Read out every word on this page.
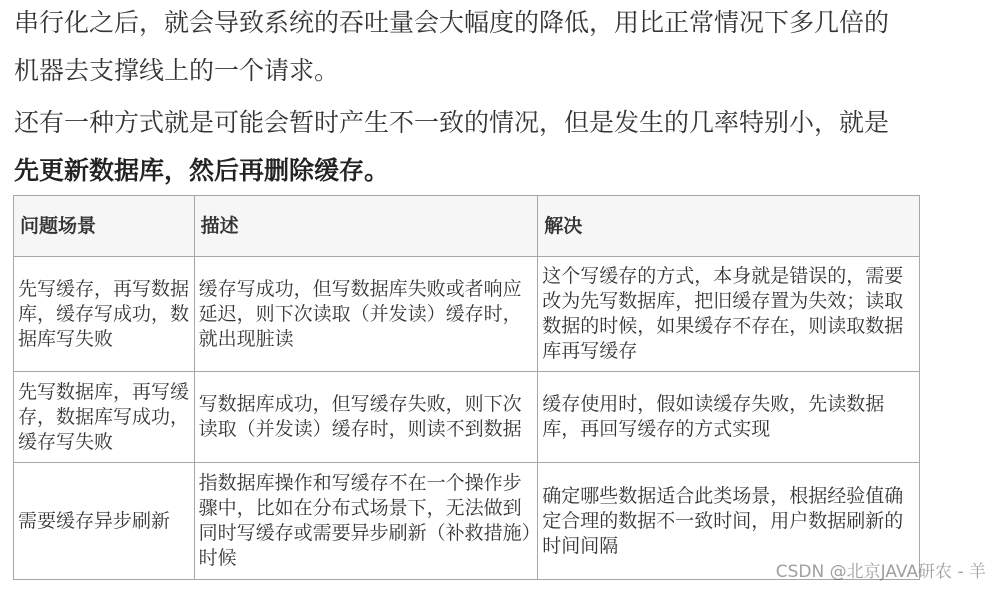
串行化之后，就会导致系统的吞吐量会大幅度的降低，用比正常情况下多几倍的
机器去支撑线上的一个请求。
还有一种方式就是可能会暂时产生不一致的情况，但是发生的几率特别小，就是
先更新数据库，然后再删除缓存。
问题场景	描述	解决
先写缓存，再写数据库，缓存写成功，数据库写失败	缓存写成功，但写数据库失败或者响应延迟，则下次读取（并发读）缓存时，就出现脏读	这个写缓存的方式，本身就是错误的，需要改为先写数据库，把旧缓存置为失效；读取数据的时候，如果缓存不存在，则读取数据库再写缓存
先写数据库，再写缓存，数据库写成功，缓存写失败	写数据库成功，但写缓存失败，则下次读取（并发读）缓存时，则读不到数据	缓存使用时，假如读缓存失败，先读数据库，再回写缓存的方式实现
需要缓存异步刷新	指数据库操作和写缓存不在一个操作步骤中，比如在分布式场景下，无法做到同时写缓存或需要异步刷新（补救措施）时候	确定哪些数据适合此类场景，根据经验值确定合理的数据不一致时间，用户数据刷新的时间间隔
CSDN @北京JAVA研农 - 羊
